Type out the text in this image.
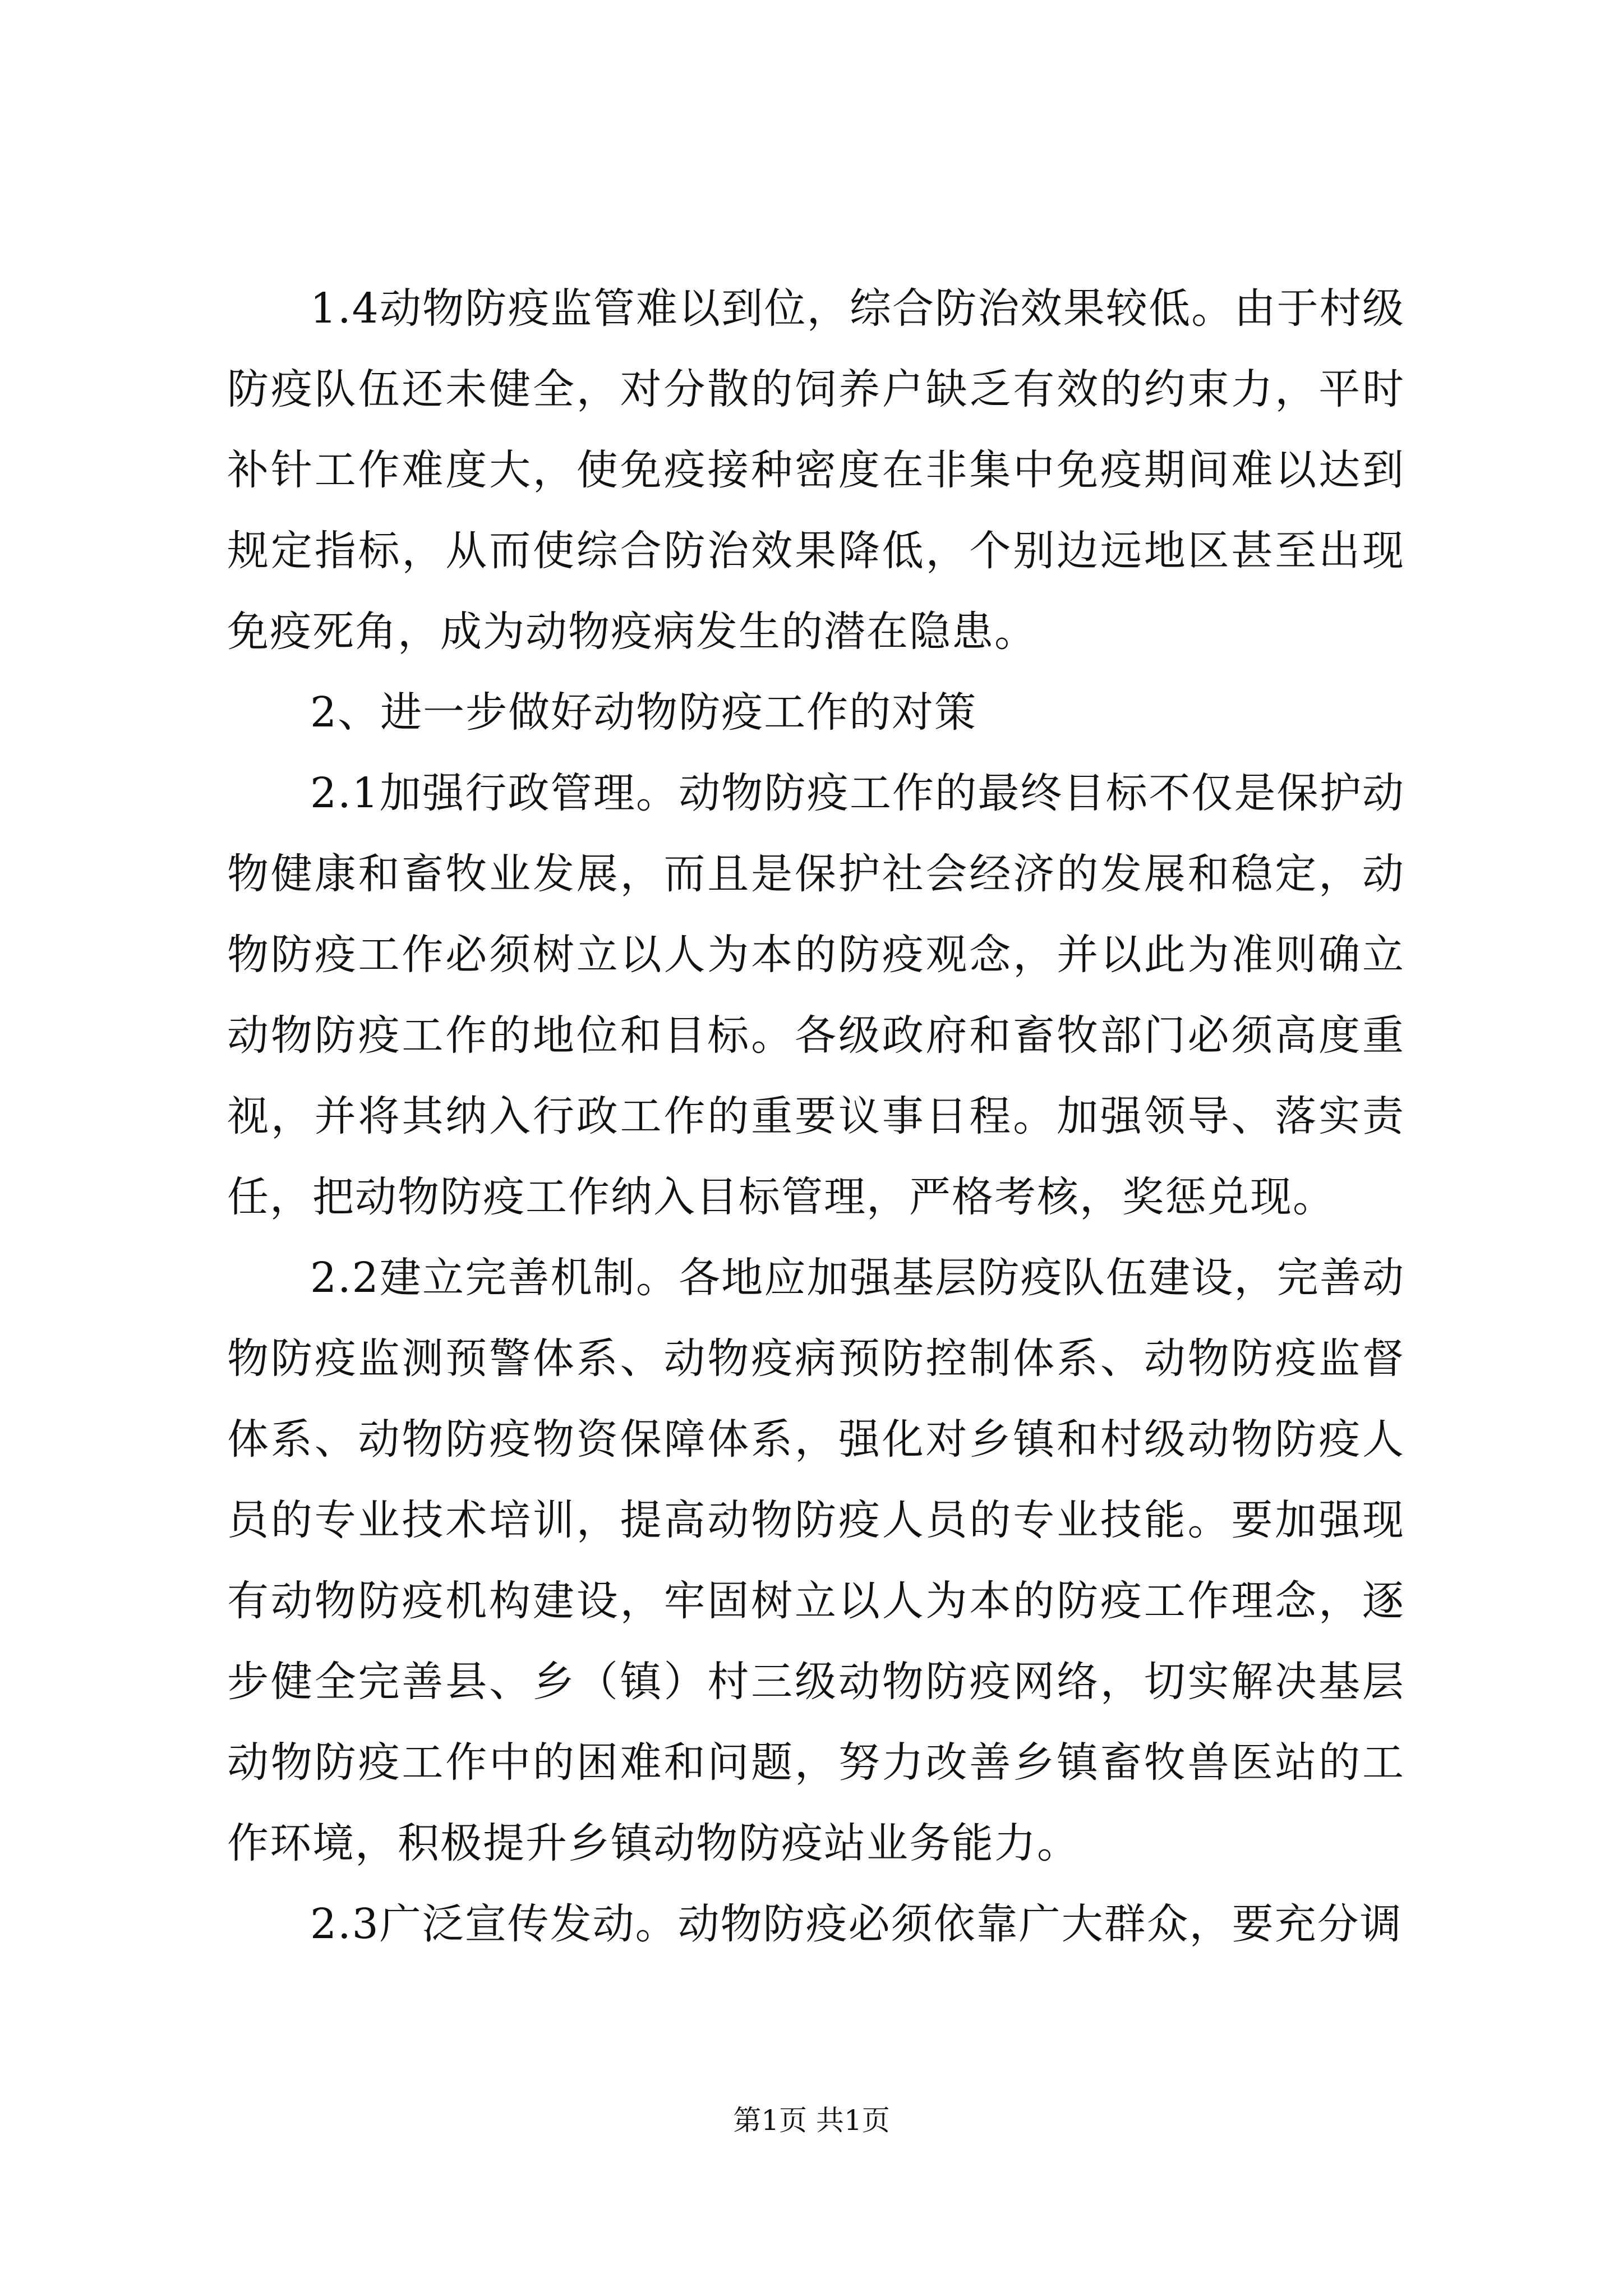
1.4动物防疫监管难以到位，综合防治效果较低。由于村级防疫队伍还未健全，对分散的饲养户缺乏有效的约束力，平时补针工作难度大，使免疫接种密度在非集中免疫期间难以达到规定指标，从而使综合防治效果降低，个别边远地区甚至出现免疫死角，成为动物疫病发生的潜在隐患。

2、进一步做好动物防疫工作的对策

2.1加强行政管理。动物防疫工作的最终目标不仅是保护动物健康和畜牧业发展，而且是保护社会经济的发展和稳定，动物防疫工作必须树立以人为本的防疫观念，并以此为准则确立动物防疫工作的地位和目标。各级政府和畜牧部门必须高度重视，并将其纳入行政工作的重要议事日程。加强领导、落实责任，把动物防疫工作纳入目标管理，严格考核，奖惩兑现。

2.2建立完善机制。各地应加强基层防疫队伍建设，完善动物防疫监测预警体系、动物疫病预防控制体系、动物防疫监督体系、动物防疫物资保障体系，强化对乡镇和村级动物防疫人员的专业技术培训，提高动物防疫人员的专业技能。要加强现有动物防疫机构建设，牢固树立以人为本的防疫工作理念，逐步健全完善县、乡（镇）村三级动物防疫网络，切实解决基层动物防疫工作中的困难和问题，努力改善乡镇畜牧兽医站的工作环境，积极提升乡镇动物防疫站业务能力。

2.3广泛宣传发动。动物防疫必须依靠广大群众，要充分调

第1页 共1页
